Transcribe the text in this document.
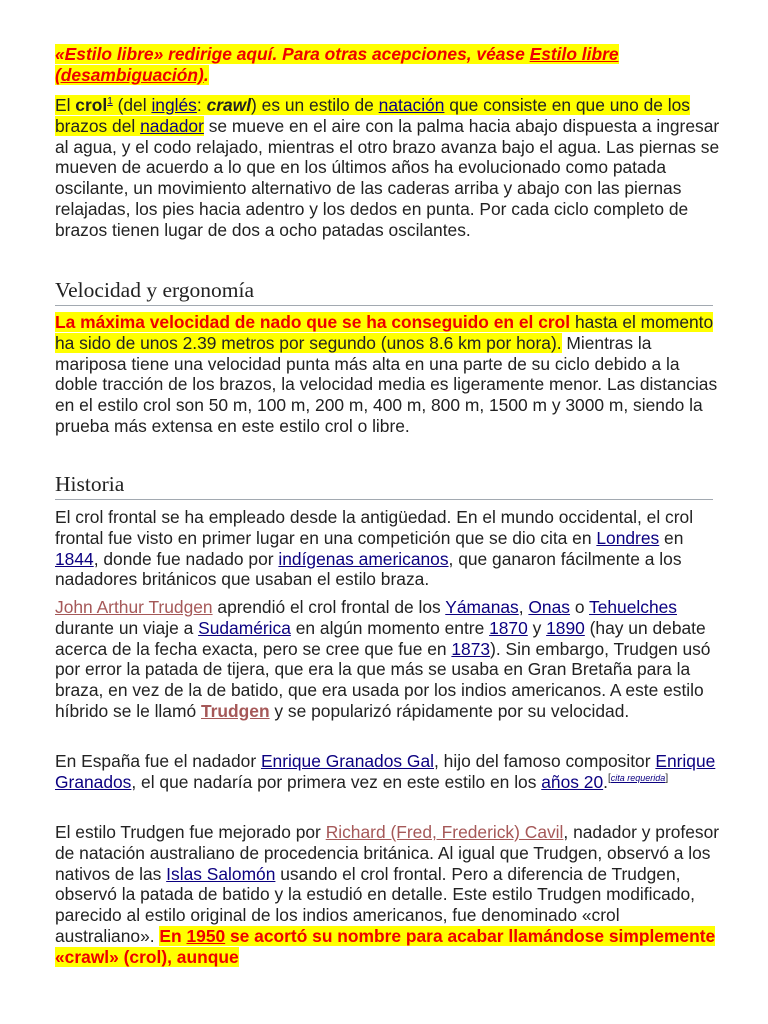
«Estilo libre» redirige aquí. Para otras acepciones, véase Estilo libre (desambiguación).

El crol$^1$ (del inglés: crawl) es un estilo de natación que consiste en que uno de los brazos del nadador se mueve en el aire con la palma hacia abajo dispuesta a ingresar al agua, y el codo relajado, mientras el otro brazo avanza bajo el agua. Las piernas se mueven de acuerdo a lo que en los últimos años ha evolucionado como patada oscilante, un movimiento alternativo de las caderas arriba y abajo con las piernas relajadas, los pies hacia adentro y los dedos en punta. Por cada ciclo completo de brazos tienen lugar de dos a ocho patadas oscilantes.

Velocidad y ergonomía

La máxima velocidad de nado que se ha conseguido en el crol hasta el momento ha sido de unos 2.39 metros por segundo (unos 8.6 km por hora). Mientras la mariposa tiene una velocidad punta más alta en una parte de su ciclo debido a la doble tracción de los brazos, la velocidad media es ligeramente menor. Las distancias en el estilo crol son 50 m, 100 m, 200 m, 400 m, 800 m, 1500 m y 3000 m, siendo la prueba más extensa en este estilo crol o libre.

Historia

El crol frontal se ha empleado desde la antigüedad. En el mundo occidental, el crol frontal fue visto en primer lugar en una competición que se dio cita en Londres en 1844, donde fue nadado por indígenas americanos, que ganaron fácilmente a los nadadores británicos que usaban el estilo braza.

John Arthur Trudgen aprendió el crol frontal de los Yámanas, Onas o Tehuelches durante un viaje a Sudamérica en algún momento entre 1870 y 1890 (hay un debate acerca de la fecha exacta, pero se cree que fue en 1873). Sin embargo, Trudgen usó por error la patada de tijera, que era la que más se usaba en Gran Bretaña para la braza, en vez de la de batido, que era usada por los indios americanos. A este estilo híbrido se le llamó Trudgen y se popularizó rápidamente por su velocidad.

En España fue el nadador Enrique Granados Gal, hijo del famoso compositor Enrique Granados, el que nadaría por primera vez en este estilo en los años 20.[cita requerida]

El estilo Trudgen fue mejorado por Richard (Fred, Frederick) Cavil, nadador y profesor de natación australiano de procedencia británica. Al igual que Trudgen, observó a los nativos de las Islas Salomón usando el crol frontal. Pero a diferencia de Trudgen, observó la patada de batido y la estudió en detalle. Este estilo Trudgen modificado, parecido al estilo original de los indios americanos, fue denominado «crol australiano». En 1950 se acortó su nombre para acabar llamándose simplemente «crawl» (crol), aunque
